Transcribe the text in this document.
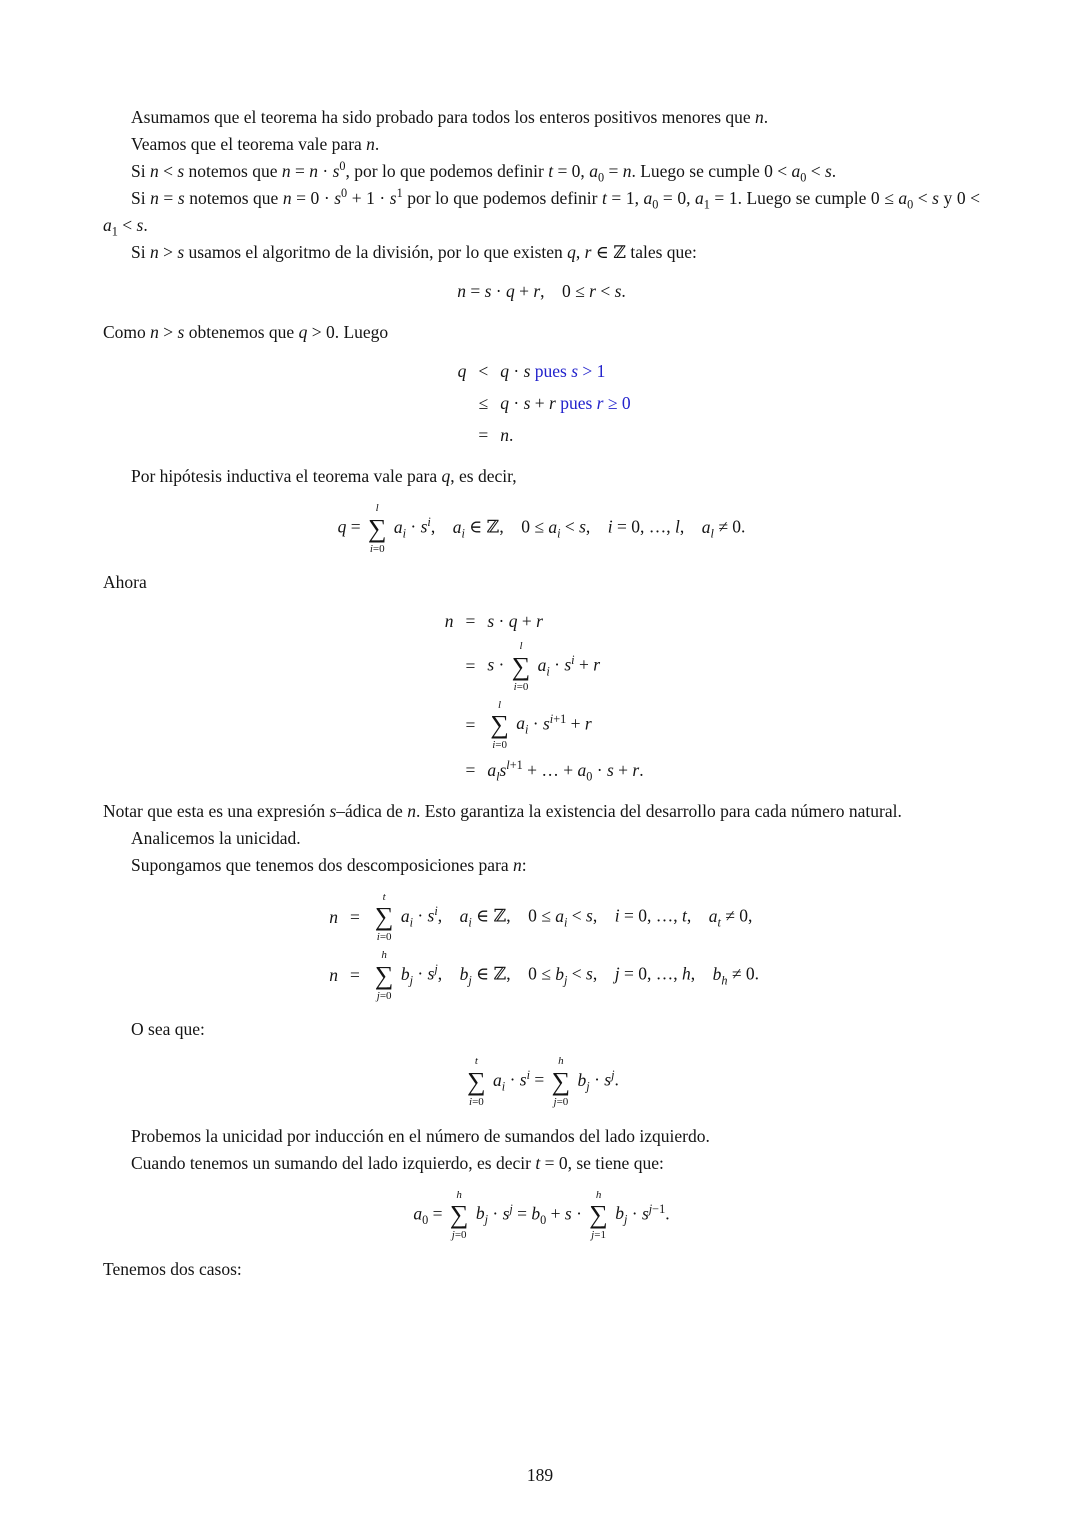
Asumamos que el teorema ha sido probado para todos los enteros positivos menores que n.

Veamos que el teorema vale para n.

Si n < s notemos que $n = n \cdot s^0$, por lo que podemos definir t = 0, $a_0 = n$. Luego se cumple $0 < a_0 < s$.

Si n = s notemos que $n = 0 \cdot s^0 + 1 \cdot s^1$ por lo que podemos definir t = 1, $a_0 = 0$, $a_1 = 1$. Luego se cumple $0 \le a_0 < s$ y $0 < a_1 < s$.

Si n > s usamos el algoritmo de la división, por lo que existen q, r ∈ ℤ tales que:

n = s · q + r, 0 ≤ r < s.

Como n > s obtenemos que q > 0. Luego

q < q · s pues s > 1
≤ q · s + r pues r ≥ 0
= n.

Por hipótesis inductiva el teorema vale para q, es decir,

q =
l
∑
i=0
$a_i \cdot s^i$, $a_i$ ∈ ℤ, $0 \le a_i < s$, i = 0, …, l, $a_l \ne 0$.

Ahora

n = s · q + r
= s ·
l
∑
i=0
$a_i \cdot s^i + r$
=
l
∑
i=0
$a_i \cdot s^{i+1} + r$
= $a_ls^{l+1}$ + … + $a_0 \cdot s + r$.

Notar que esta es una expresión s–ádica de n. Esto garantiza la existencia del desarrollo para cada número natural.

Analicemos la unicidad.

Supongamos que tenemos dos descomposiciones para n:

n =
t
∑
i=0
$a_i \cdot s^i$, $a_i$ ∈ ℤ, $0 \le a_i < s$, i = 0, …, t, $a_t \ne 0$,
n =
h
∑
j=0
$b_j \cdot s^j$, $b_j$ ∈ ℤ, $0 \le b_j < s$, j = 0, …, h, $b_h \ne 0$.

O sea que:

t
∑
i=0
$a_i \cdot s^i$ =
h
∑
j=0
$b_j \cdot s^j$.

Probemos la unicidad por inducción en el número de sumandos del lado izquierdo.

Cuando tenemos un sumando del lado izquierdo, es decir t = 0, se tiene que:

$a_0$ =
h
∑
j=0
$b_j \cdot s^j = b_0 + s$ ·
h
∑
j=1
$b_j \cdot s^{j-1}$.

Tenemos dos casos:

189
